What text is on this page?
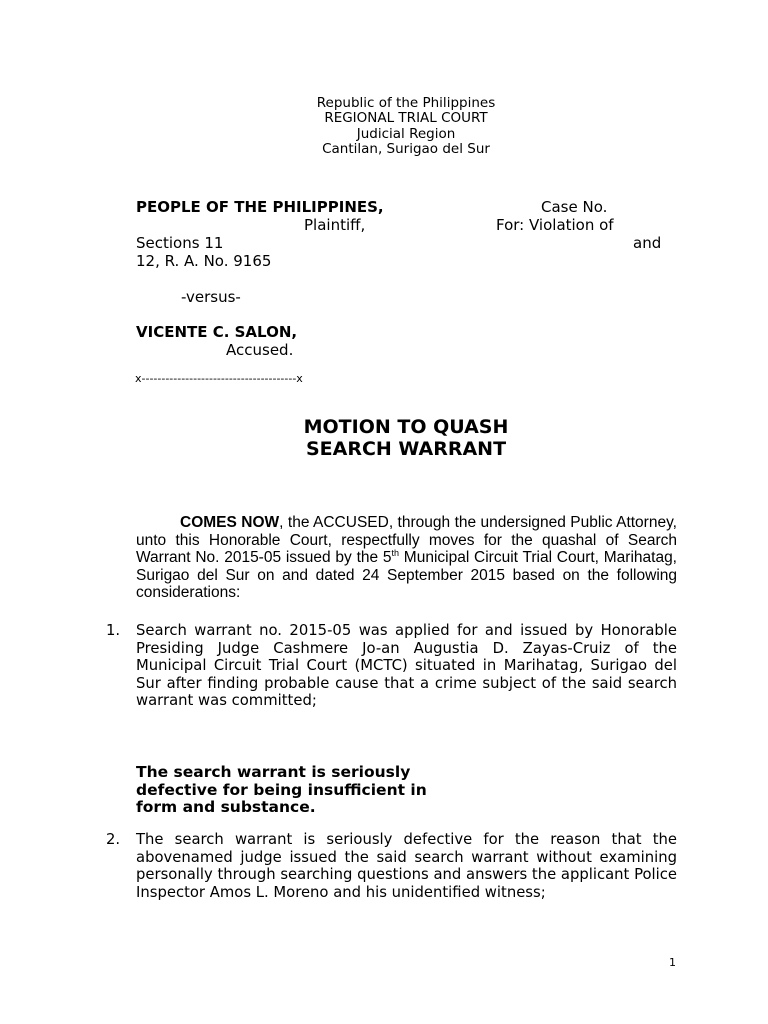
Republic of the Philippines
REGIONAL TRIAL COURT
Judicial Region
Cantilan, Surigao del Sur
PEOPLE OF THE PHILIPPINES,	Case No.
Plaintiff,	For: Violation of
Sections 11	and
12, R. A. No. 9165
-versus-
VICENTE C. SALON,
Accused.
x---------------------------------------x
MOTION TO QUASH
SEARCH WARRANT
COMES NOW, the ACCUSED, through the undersigned Public Attorney, unto this Honorable Court, respectfully moves for the quashal of Search Warrant No. 2015-05 issued by the 5th Municipal Circuit Trial Court, Marihatag, Surigao del Sur on and dated 24 September 2015 based on the following considerations:
1. Search warrant no. 2015-05 was applied for and issued by Honorable Presiding Judge Cashmere Jo-an Augustia D. Zayas-Cruiz of the Municipal Circuit Trial Court (MCTC) situated in Marihatag, Surigao del Sur after finding probable cause that a crime subject of the said search warrant was committed;
The search warrant is seriously defective for being insufficient in form and substance.
2. The search warrant is seriously defective for the reason that the abovenamed judge issued the said search warrant without examining personally through searching questions and answers the applicant Police Inspector Amos L. Moreno and his unidentified witness;
1
